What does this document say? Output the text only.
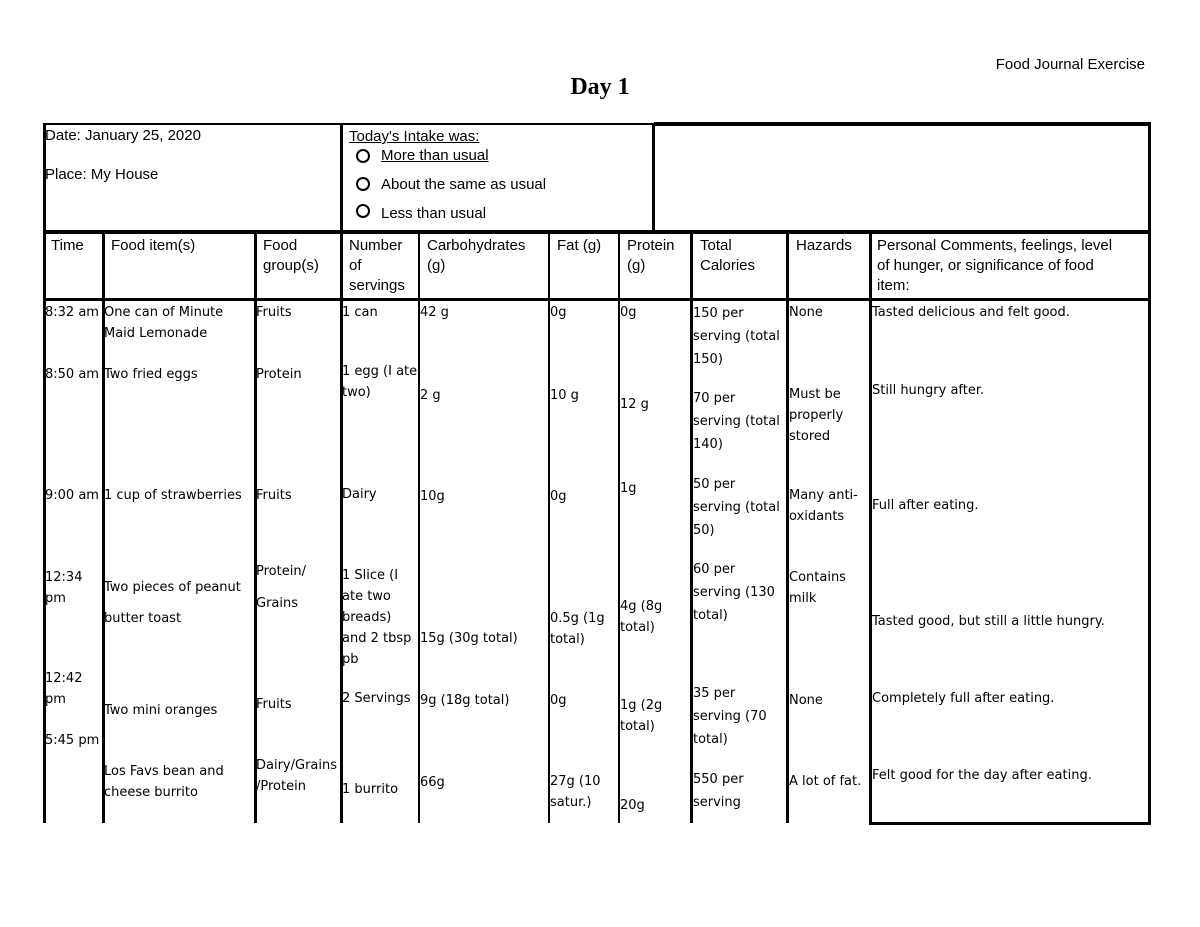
Food Journal Exercise
Day 1
Date: January 25, 2020
Place: My House
Today's Intake was:
More than usual
About the same as usual
Less than usual
Time Food item(s)	Food
group(s)
Number
of
servings
Carbohydrates
(g)
Fat (g) Protein
(g)
Total
Calories
Hazards Personal Comments, feelings, level
of hunger, or significance of food
item:
8:32 am
8:50 am
9:00 am
12:34
pm
12:42
pm
5:45 pm
One can of Minute
Maid Lemonade
Two fried eggs
1 cup of strawberries
Two pieces of peanut
butter toast
Two mini oranges
Los Favs bean and
cheese burrito
Fruits
Protein
Fruits
Protein/
Grains
Fruits
Dairy/Grains
/Protein
1 can
1 egg (I ate
two)
Dairy
1 Slice (I
ate two
breads)
and 2 tbsp
pb
2 Servings
1 burrito
42 g
2 g
10g
15g (30g total)
9g (18g total)
66g
0g
10 g
0g
0.5g (1g
total)
0g
27g (10
satur.)
0g
12 g
1g
4g (8g
total)
1g (2g
total)
20g
150 per
serving (total
150)
70 per
serving (total
140)
50 per
serving (total
50)
60 per
serving (130
total)
35 per
serving (70
total)
550 per
serving
None
Must be
properly
stored
Many anti-
oxidants
Contains
milk
None
A lot of fat.
Tasted delicious and felt good.
Still hungry after.
Full after eating.
Tasted good, but still a little hungry.
Completely full after eating.
Felt good for the day after eating.
